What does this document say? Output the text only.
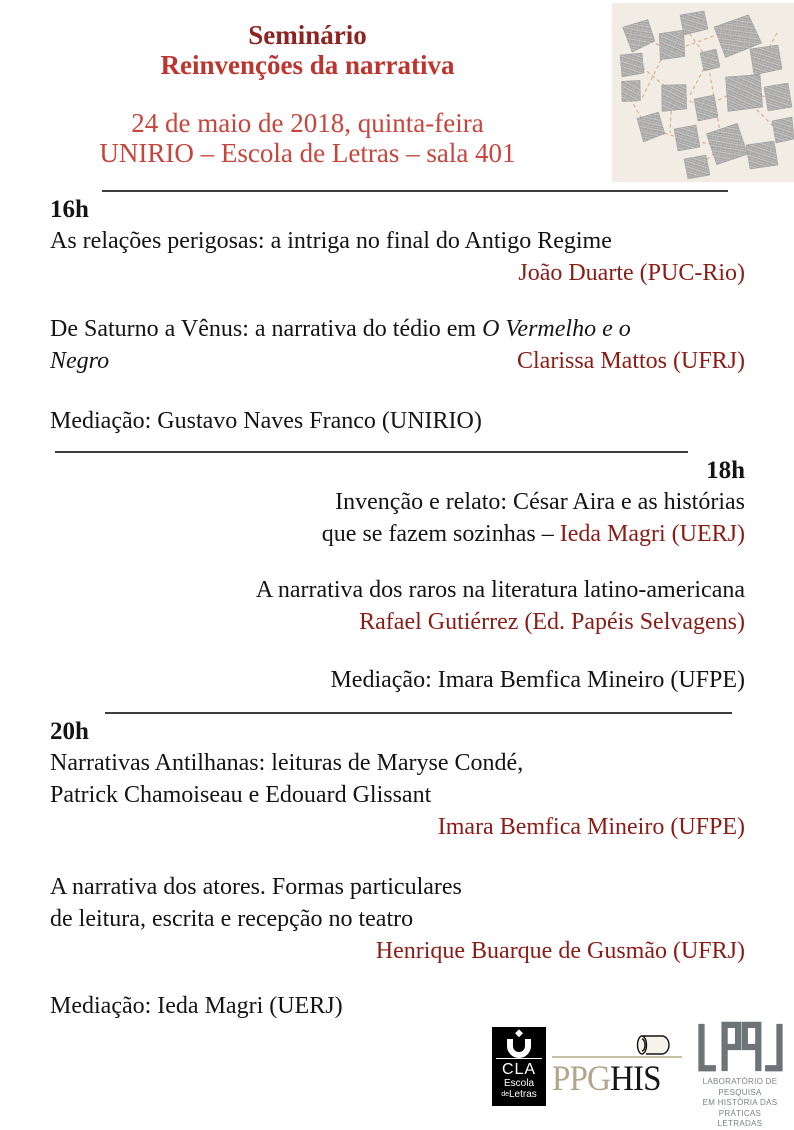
Seminário
Reinvenções da narrativa
24 de maio de 2018, quinta-feira
UNIRIO – Escola de Letras – sala 401
16h
As relações perigosas: a intriga no final do Antigo Regime
João Duarte (PUC-Rio)
De Saturno a Vênus: a narrativa do tédio em O Vermelho e o
Negro	Clarissa Mattos (UFRJ)
Mediação: Gustavo Naves Franco (UNIRIO)
18h
Invenção e relato: César Aira e as histórias
que se fazem sozinhas – Ieda Magri (UERJ)
A narrativa dos raros na literatura latino-americana
Rafael Gutiérrez (Ed. Papéis Selvagens)
Mediação: Imara Bemfica Mineiro (UFPE)
20h
Narrativas Antilhanas: leituras de Maryse Condé,
Patrick Chamoiseau e Edouard Glissant
Imara Bemfica Mineiro (UFPE)
A narrativa dos atores. Formas particulares
de leitura, escrita e recepção no teatro
Henrique Buarque de Gusmão (UFRJ)
Mediação: Ieda Magri (UERJ)
CLA
Escola
deLetras PPGHIS	LABORATÓRIO DE PESQUISA
EM HISTÓRIA DAS PRÁTICAS
LETRADAS
